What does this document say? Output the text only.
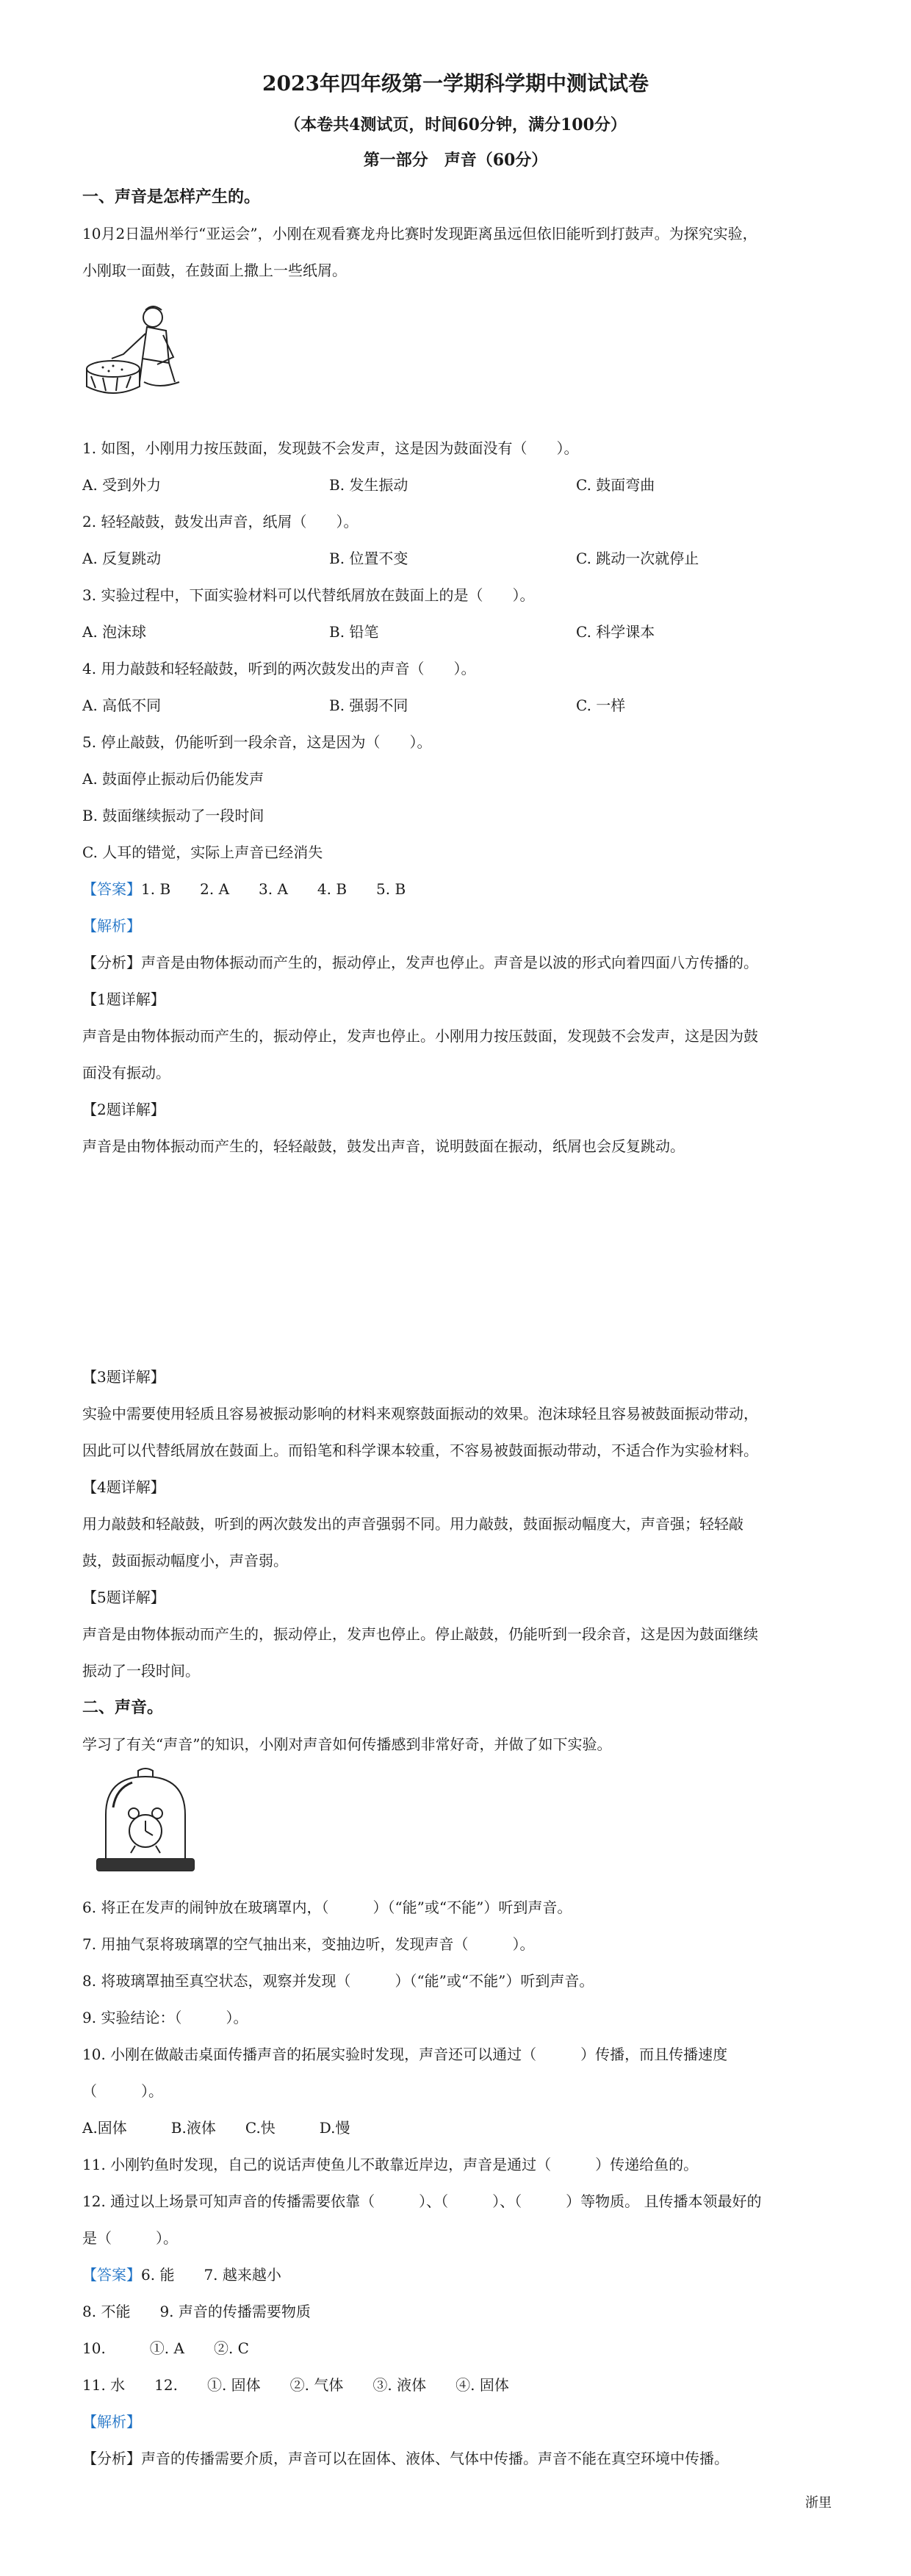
2023年四年级第一学期科学期中测试试卷
（本卷共4测试页，时间60分钟，满分100分）
第一部分　声音（60分）
一、声音是怎样产生的。
10月2日温州举行“亚运会”，小刚在观看赛龙舟比赛时发现距离虽远但依旧能听到打鼓声。为探究实验，
小刚取一面鼓，在鼓面上撒上一些纸屑。
1. 如图，小刚用力按压鼓面，发现鼓不会发声，这是因为鼓面没有（　　）。
A. 受到外力	B. 发生振动	C. 鼓面弯曲
2. 轻轻敲鼓，鼓发出声音，纸屑（　　）。
A. 反复跳动	B. 位置不变	C. 跳动一次就停止
3. 实验过程中，下面实验材料可以代替纸屑放在鼓面上的是（　　）。
A. 泡沫球	B. 铅笔	C. 科学课本
4. 用力敲鼓和轻轻敲鼓，听到的两次鼓发出的声音（　　）。
A. 高低不同	B. 强弱不同	C. 一样
5. 停止敲鼓，仍能听到一段余音，这是因为（　　）。
A. 鼓面停止振动后仍能发声
B. 鼓面继续振动了一段时间
C. 人耳的错觉，实际上声音已经消失
【答案】1. B　　2. A　　3. A　　4. B　　5. B
【解析】
【分析】声音是由物体振动而产生的，振动停止，发声也停止。声音是以波的形式向着四面八方传播的。
【1题详解】
声音是由物体振动而产生的，振动停止，发声也停止。小刚用力按压鼓面，发现鼓不会发声，这是因为鼓
面没有振动。
【2题详解】
声音是由物体振动而产生的，轻轻敲鼓，鼓发出声音，说明鼓面在振动，纸屑也会反复跳动。
【3题详解】
实验中需要使用轻质且容易被振动影响的材料来观察鼓面振动的效果。泡沫球轻且容易被鼓面振动带动，
因此可以代替纸屑放在鼓面上。而铅笔和科学课本较重，不容易被鼓面振动带动，不适合作为实验材料。
【4题详解】
用力敲鼓和轻敲鼓，听到的两次鼓发出的声音强弱不同。用力敲鼓，鼓面振动幅度大，声音强；轻轻敲
鼓，鼓面振动幅度小，声音弱。
【5题详解】
声音是由物体振动而产生的，振动停止，发声也停止。停止敲鼓，仍能听到一段余音，这是因为鼓面继续
振动了一段时间。
二、声音。
学习了有关“声音”的知识，小刚对声音如何传播感到非常好奇，并做了如下实验。
6. 将正在发声的闹钟放在玻璃罩内，（　　　）（“能”或“不能”）听到声音。
7. 用抽气泵将玻璃罩的空气抽出来，变抽边听，发现声音（　　　）。
8. 将玻璃罩抽至真空状态，观察并发现（　　　）（“能”或“不能”）听到声音。
9. 实验结论：（　　　）。
10. 小刚在做敲击桌面传播声音的拓展实验时发现，声音还可以通过（　　　）传播，而且传播速度
（　　　）。
A.固体　　　B.液体　　C.快　　　D.慢
11. 小刚钓鱼时发现，自己的说话声使鱼儿不敢靠近岸边，声音是通过（　　　）传递给鱼的。
12. 通过以上场景可知声音的传播需要依靠（　　　）、（　　　）、（　　　）等物质。 且传播本领最好的
是（　　　）。
【答案】6. 能　　7. 越来越小
8. 不能　　9. 声音的传播需要物质
10.　　　①. A　　②. C
11. 水　　12.　　①. 固体　　②. 气体　　③. 液体　　④. 固体
【解析】
【分析】声音的传播需要介质，声音可以在固体、液体、气体中传播。声音不能在真空环境中传播。
浙里
